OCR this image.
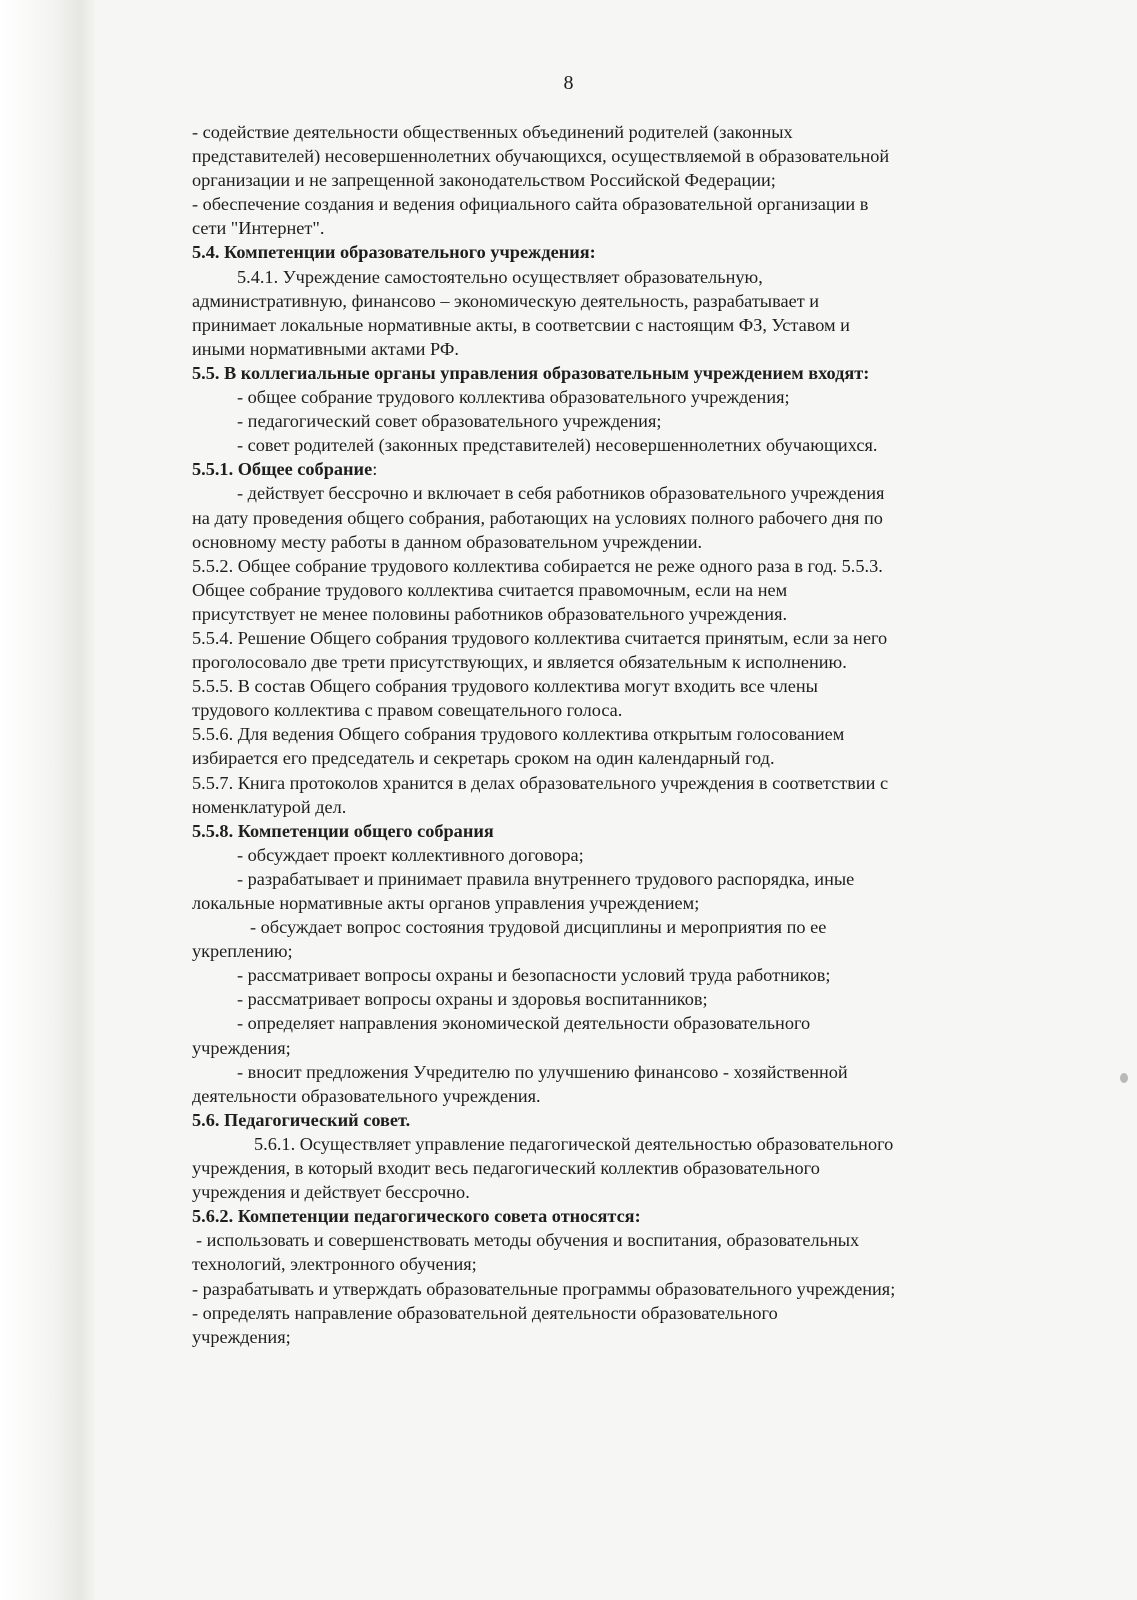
8
- содействие деятельности общественных объединений родителей (законных
представителей) несовершеннолетних обучающихся, осуществляемой в образовательной
организации и не запрещенной законодательством Российской Федерации;
- обеспечение создания и ведения официального сайта образовательной организации в
сети "Интернет".
5.4. Компетенции образовательного учреждения:
5.4.1. Учреждение самостоятельно осуществляет образовательную,
административную, финансово – экономическую деятельность, разрабатывает и
принимает локальные нормативные акты, в соответсвии с настоящим ФЗ, Уставом и
иными нормативными актами РФ.
5.5. В коллегиальные органы управления образовательным учреждением входят:
- общее собрание трудового коллектива образовательного учреждения;
- педагогический совет образовательного учреждения;
- совет родителей (законных представителей) несовершеннолетних обучающихся.
5.5.1. Общее собрание:
- действует бессрочно и включает в себя работников образовательного учреждения
на дату проведения общего собрания, работающих на условиях полного рабочего дня по
основному месту работы в данном образовательном учреждении.
5.5.2. Общее собрание трудового коллектива собирается не реже одного раза в год. 5.5.3.
Общее собрание трудового коллектива считается правомочным, если на нем
присутствует не менее половины работников образовательного учреждения.
5.5.4. Решение Общего собрания трудового коллектива считается принятым, если за него
проголосовало две трети присутствующих, и является обязательным к исполнению.
5.5.5. В состав Общего собрания трудового коллектива могут входить все члены
трудового коллектива с правом совещательного голоса.
5.5.6. Для ведения Общего собрания трудового коллектива открытым голосованием
избирается его председатель и секретарь сроком на один календарный год.
5.5.7. Книга протоколов хранится в делах образовательного учреждения в соответствии с
номенклатурой дел.
5.5.8. Компетенции общего собрания
- обсуждает проект коллективного договора;
- разрабатывает и принимает правила внутреннего трудового распорядка, иные
локальные нормативные акты органов управления учреждением;
- обсуждает вопрос состояния трудовой дисциплины и мероприятия по ее
укреплению;
- рассматривает вопросы охраны и безопасности условий труда работников;
- рассматривает вопросы охраны и здоровья воспитанников;
- определяет направления экономической деятельности образовательного
учреждения;
- вносит предложения Учредителю по улучшению финансово - хозяйственной
деятельности образовательного учреждения.
5.6. Педагогический совет.
5.6.1. Осуществляет управление педагогической деятельностью образовательного
учреждения, в который входит весь педагогический коллектив образовательного
учреждения и действует бессрочно.
5.6.2. Компетенции педагогического совета относятся:
- использовать и совершенствовать методы обучения и воспитания, образовательных
технологий, электронного обучения;
- разрабатывать и утверждать образовательные программы образовательного учреждения;
- определять направление образовательной деятельности образовательного
учреждения;
